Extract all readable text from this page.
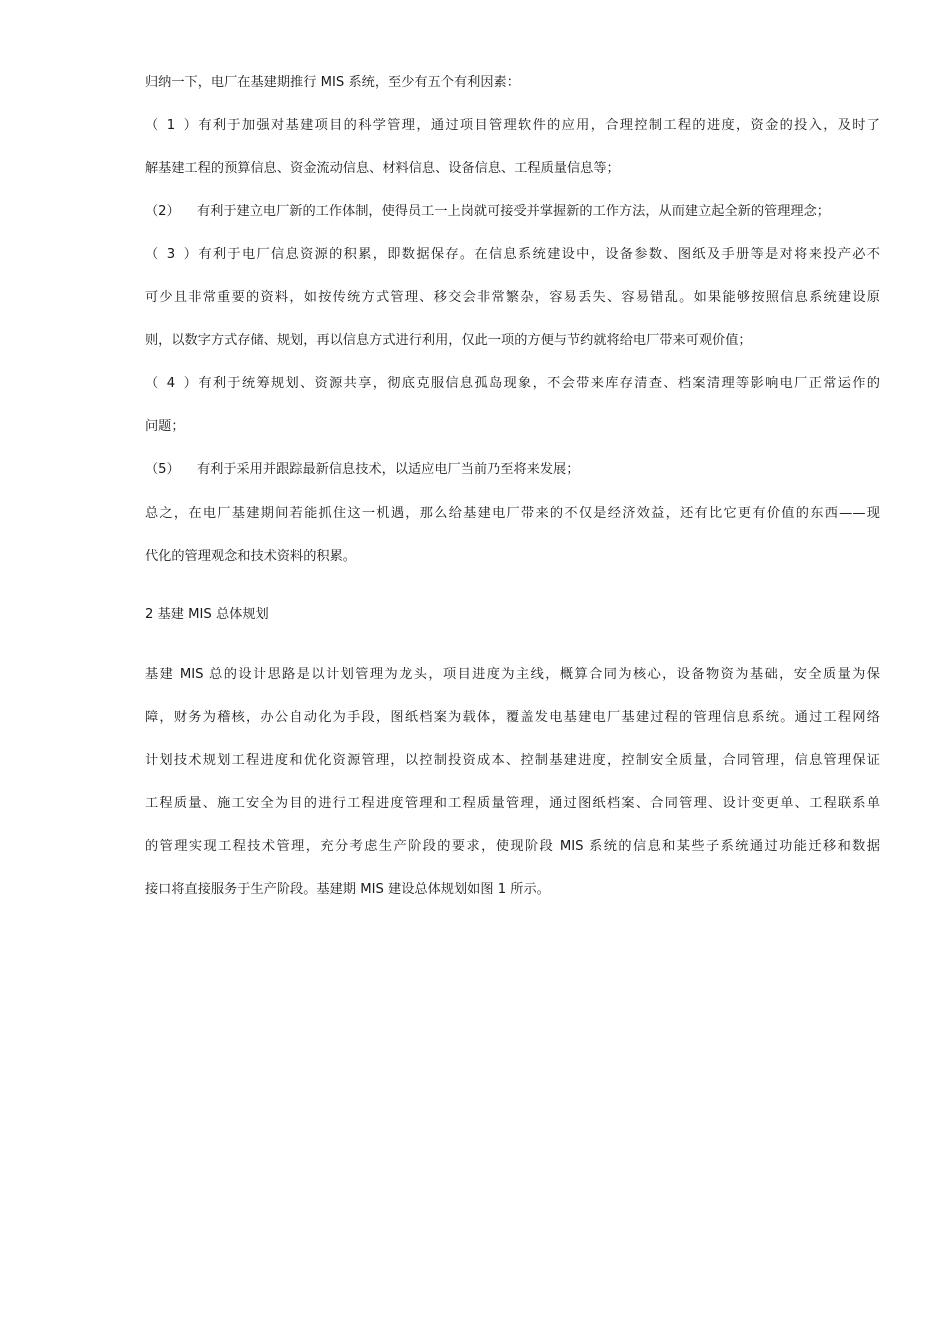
归纳一下，电厂在基建期推行 MIS 系统，至少有五个有利因素：
（1）有利于加强对基建项目的科学管理，通过项目管理软件的应用，合理控制工程的进度，资金的投入，及时了
解基建工程的预算信息、资金流动信息、材料信息、设备信息、工程质量信息等；
（2） 有利于建立电厂新的工作体制，使得员工一上岗就可接受并掌握新的工作方法，从而建立起全新的管理理念；
（3）有利于电厂信息资源的积累，即数据保存。在信息系统建设中，设备参数、图纸及手册等是对将来投产必不
可少且非常重要的资料，如按传统方式管理、移交会非常繁杂，容易丢失、容易错乱。如果能够按照信息系统建设原
则，以数字方式存储、规划，再以信息方式进行利用，仅此一项的方便与节约就将给电厂带来可观价值；
（4）有利于统筹规划、资源共享，彻底克服信息孤岛现象，不会带来库存清查、档案清理等影响电厂正常运作的
问题；
（5） 有利于采用并跟踪最新信息技术，以适应电厂当前乃至将来发展；
总之，在电厂基建期间若能抓住这一机遇，那么给基建电厂带来的不仅是经济效益，还有比它更有价值的东西——现
代化的管理观念和技术资料的积累。
2 基建 MIS 总体规划
基建 MIS 总的设计思路是以计划管理为龙头，项目进度为主线，概算合同为核心，设备物资为基础，安全质量为保
障，财务为稽核，办公自动化为手段，图纸档案为载体，覆盖发电基建电厂基建过程的管理信息系统。通过工程网络
计划技术规划工程进度和优化资源管理，以控制投资成本、控制基建进度，控制安全质量，合同管理，信息管理保证
工程质量、施工安全为目的进行工程进度管理和工程质量管理，通过图纸档案、合同管理、设计变更单、工程联系单
的管理实现工程技术管理，充分考虑生产阶段的要求，使现阶段 MIS 系统的信息和某些子系统通过功能迁移和数据
接口将直接服务于生产阶段。基建期 MIS 建设总体规划如图 1 所示。
